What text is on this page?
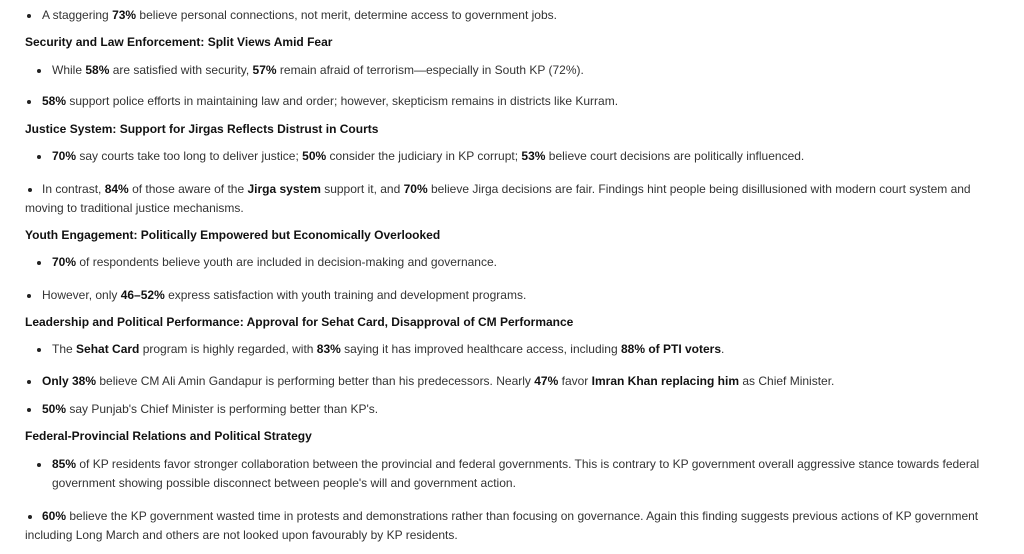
A staggering 73% believe personal connections, not merit, determine access to government jobs.
Security and Law Enforcement: Split Views Amid Fear
While 58% are satisfied with security, 57% remain afraid of terrorism—especially in South KP (72%).
58% support police efforts in maintaining law and order; however, skepticism remains in districts like Kurram.
Justice System: Support for Jirgas Reflects Distrust in Courts
70% say courts take too long to deliver justice; 50% consider the judiciary in KP corrupt; 53% believe court decisions are politically influenced.
In contrast, 84% of those aware of the Jirga system support it, and 70% believe Jirga decisions are fair. Findings hint people being disillusioned with modern court system and moving to traditional justice mechanisms.
Youth Engagement: Politically Empowered but Economically Overlooked
70% of respondents believe youth are included in decision-making and governance.
However, only 46–52% express satisfaction with youth training and development programs.
Leadership and Political Performance: Approval for Sehat Card, Disapproval of CM Performance
The Sehat Card program is highly regarded, with 83% saying it has improved healthcare access, including 88% of PTI voters.
Only 38% believe CM Ali Amin Gandapur is performing better than his predecessors. Nearly 47% favor Imran Khan replacing him as Chief Minister.
50% say Punjab's Chief Minister is performing better than KP's.
Federal-Provincial Relations and Political Strategy
85% of KP residents favor stronger collaboration between the provincial and federal governments. This is contrary to KP government overall aggressive stance towards federal government showing possible disconnect between people's will and government action.
60% believe the KP government wasted time in protests and demonstrations rather than focusing on governance. Again this finding suggests previous actions of KP government including Long March and others are not looked upon favourably by KP residents.
